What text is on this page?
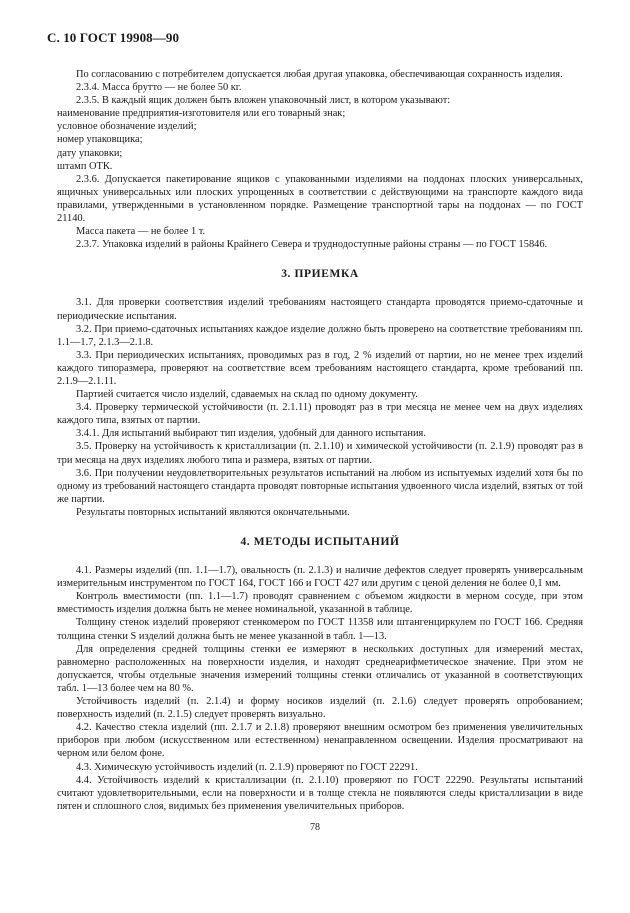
С. 10 ГОСТ 19908—90

По согласованию с потребителем допускается любая другая упаковка, обеспечивающая сохранность изделия.

2.3.4. Масса брутто — не более 50 кг.

2.3.5. В каждый ящик должен быть вложен упаковочный лист, в котором указывают:

наименование предприятия-изготовителя или его товарный знак;

условное обозначение изделий;

номер упаковщика;

дату упаковки;

штамп ОТК.

2.3.6. Допускается пакетирование ящиков с упакованными изделиями на поддонах плоских универсальных, ящичных универсальных или плоских упрощенных в соответствии с действующими на транспорте каждого вида правилами, утвержденными в установленном порядке. Размещение транспортной тары на поддонах — по ГОСТ 21140.

Масса пакета — не более 1 т.

2.3.7. Упаковка изделий в районы Крайнего Севера и труднодоступные районы страны — по ГОСТ 15846.

3. ПРИЕМКА

3.1. Для проверки соответствия изделий требованиям настоящего стандарта проводятся приемо-сдаточные и периодические испытания.

3.2. При приемо-сдаточных испытаниях каждое изделие должно быть проверено на соответствие требованиям пп. 1.1—1.7, 2.1.3—2.1.8.

3.3. При периодических испытаниях, проводимых раз в год, 2 % изделий от партии, но не менее трех изделий каждого типоразмера, проверяют на соответствие всем требованиям настоящего стандарта, кроме требований пп. 2.1.9—2.1.11.

Партией считается число изделий, сдаваемых на склад по одному документу.

3.4. Проверку термической устойчивости (п. 2.1.11) проводят раз в три месяца не менее чем на двух изделиях каждого типа, взятых от партии.

3.4.1. Для испытаний выбирают тип изделия, удобный для данного испытания.

3.5. Проверку на устойчивость к кристаллизации (п. 2.1.10) и химической устойчивости (п. 2.1.9) проводят раз в три месяца на двух изделиях любого типа и размера, взятых от партии.

3.6. При получении неудовлетворительных результатов испытаний на любом из испытуемых изделий хотя бы по одному из требований настоящего стандарта проводят повторные испытания удвоенного числа изделий, взятых от той же партии.

Результаты повторных испытаний являются окончательными.

4. МЕТОДЫ ИСПЫТАНИЙ

4.1. Размеры изделий (пп. 1.1—1.7), овальность (п. 2.1.3) и наличие дефектов следует проверять универсальным измерительным инструментом по ГОСТ 164, ГОСТ 166 и ГОСТ 427 или другим с ценой деления не более 0,1 мм.

Контроль вместимости (пп. 1.1—1.7) проводят сравнением с объемом жидкости в мерном сосуде, при этом вместимость изделия должна быть не менее номинальной, указанной в таблице.

Толщину стенок изделий проверяют стенкомером по ГОСТ 11358 или штангенциркулем по ГОСТ 166. Средняя толщина стенки S изделий должна быть не менее указанной в табл. 1—13.

Для определения средней толщины стенки ее измеряют в нескольких доступных для измерений местах, равномерно расположенных на поверхности изделия, и находят среднеарифметическое значение. При этом не допускается, чтобы отдельные значения измерений толщины стенки отличались от указанной в соответствующих табл. 1—13 более чем на 80 %.

Устойчивость изделий (п. 2.1.4) и форму носиков изделий (п. 2.1.6) следует проверять опробованием; поверхность изделий (п. 2.1.5) следует проверять визуально.

4.2. Качество стекла изделий (пп. 2.1.7 и 2.1.8) проверяют внешним осмотром без применения увеличительных приборов при любом (искусственном или естественном) ненаправленном освещении. Изделия просматривают на черном или белом фоне.

4.3. Химическую устойчивость изделий (п. 2.1.9) проверяют по ГОСТ 22291.

4.4. Устойчивость изделий к кристаллизации (п. 2.1.10) проверяют по ГОСТ 22290. Результаты испытаний считают удовлетворительными, если на поверхности и в толще стекла не появляются следы кристаллизации в виде пятен и сплошного слоя, видимых без применения увеличительных приборов.

78
